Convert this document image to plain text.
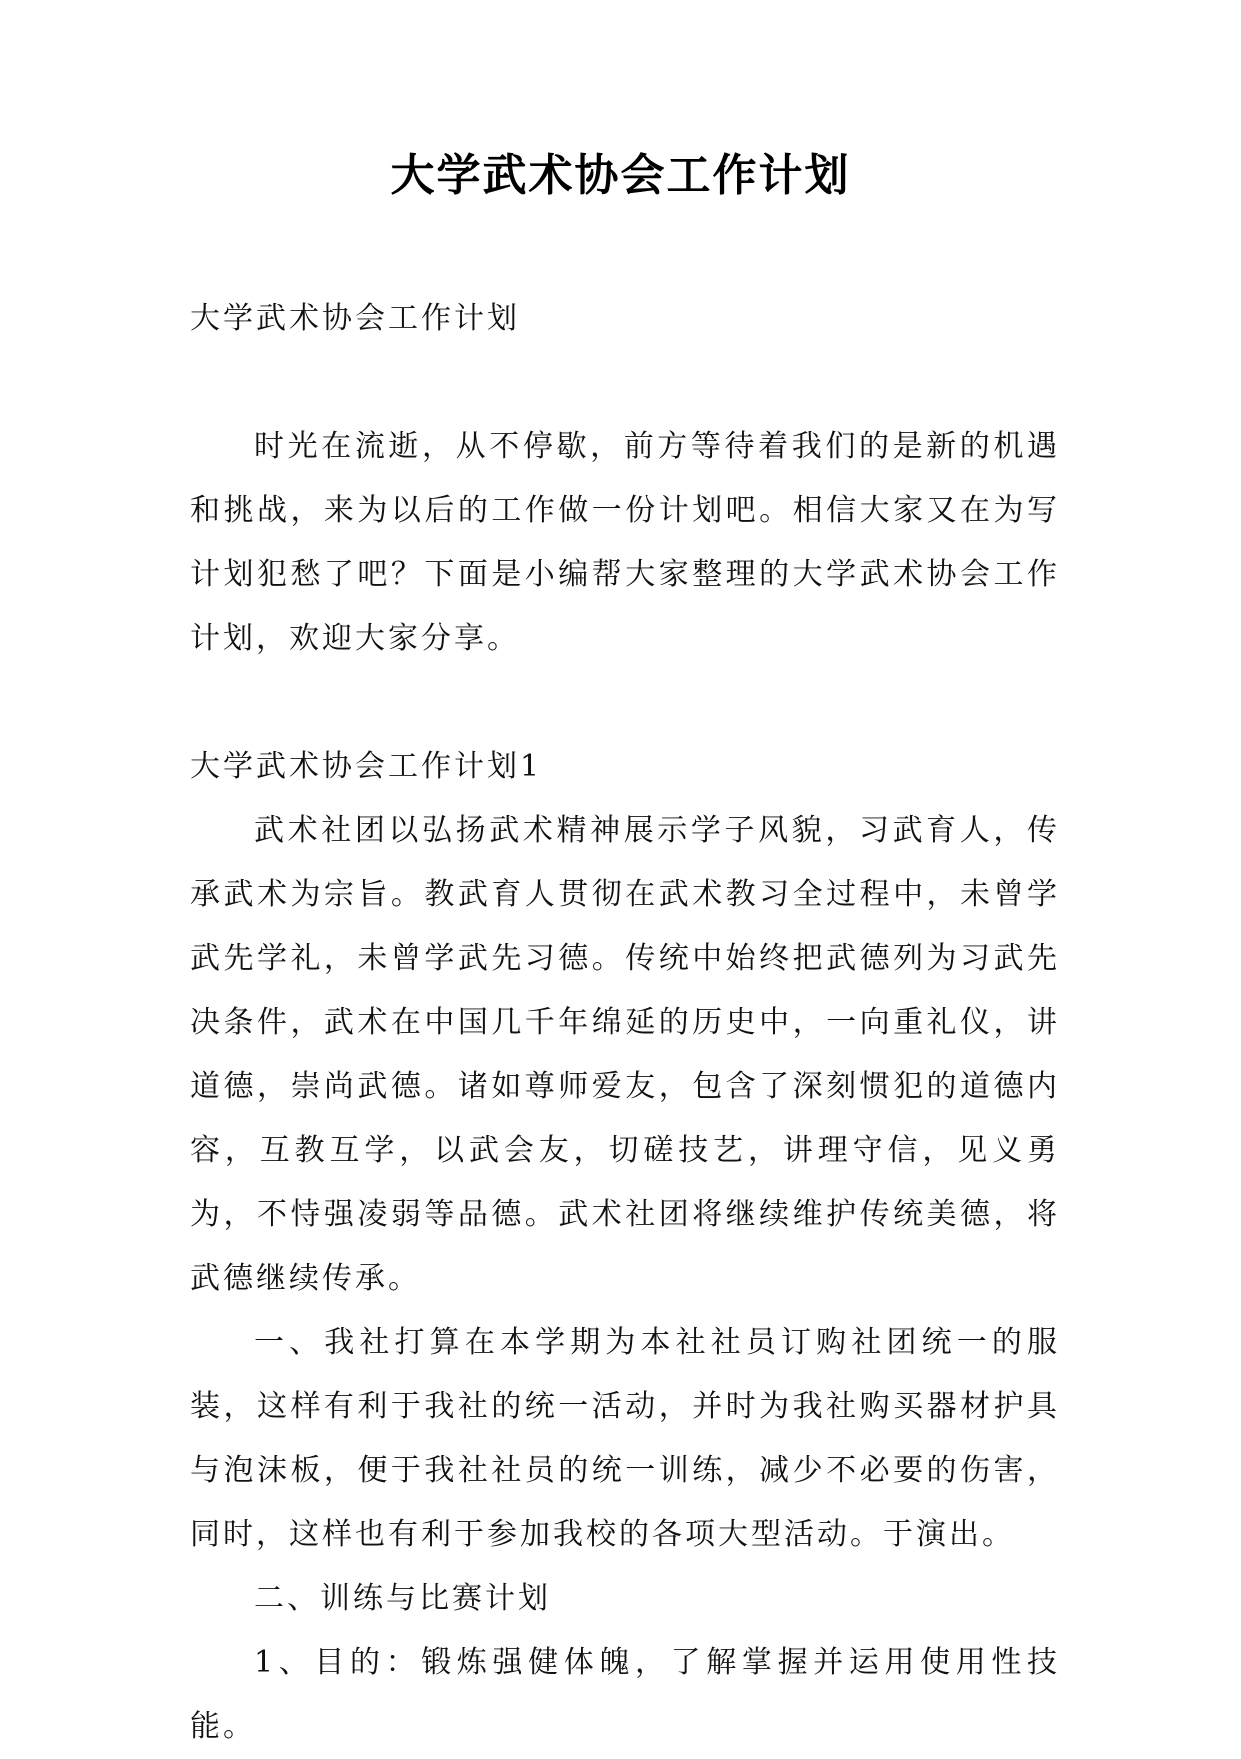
大学武术协会工作计划

大学武术协会工作计划

时光在流逝，从不停歇，前方等待着我们的是新的机遇和挑战，来为以后的工作做一份计划吧。相信大家又在为写计划犯愁了吧？下面是小编帮大家整理的大学武术协会工作计划，欢迎大家分享。

大学武术协会工作计划1

武术社团以弘扬武术精神展示学子风貌，习武育人，传承武术为宗旨。教武育人贯彻在武术教习全过程中，未曾学武先学礼，未曾学武先习德。传统中始终把武德列为习武先决条件，武术在中国几千年绵延的历史中，一向重礼仪，讲道德，崇尚武德。诸如尊师爱友，包含了深刻惯犯的道德内容，互教互学，以武会友，切磋技艺，讲理守信，见义勇为，不恃强凌弱等品德。武术社团将继续维护传统美德，将武德继续传承。

一、我社打算在本学期为本社社员订购社团统一的服装，这样有利于我社的统一活动，并时为我社购买器材护具与泡沫板，便于我社社员的统一训练，减少不必要的伤害，同时，这样也有利于参加我校的各项大型活动。于演出。

二、训练与比赛计划

1、目的：锻炼强健体魄，了解掌握并运用使用性技能。
